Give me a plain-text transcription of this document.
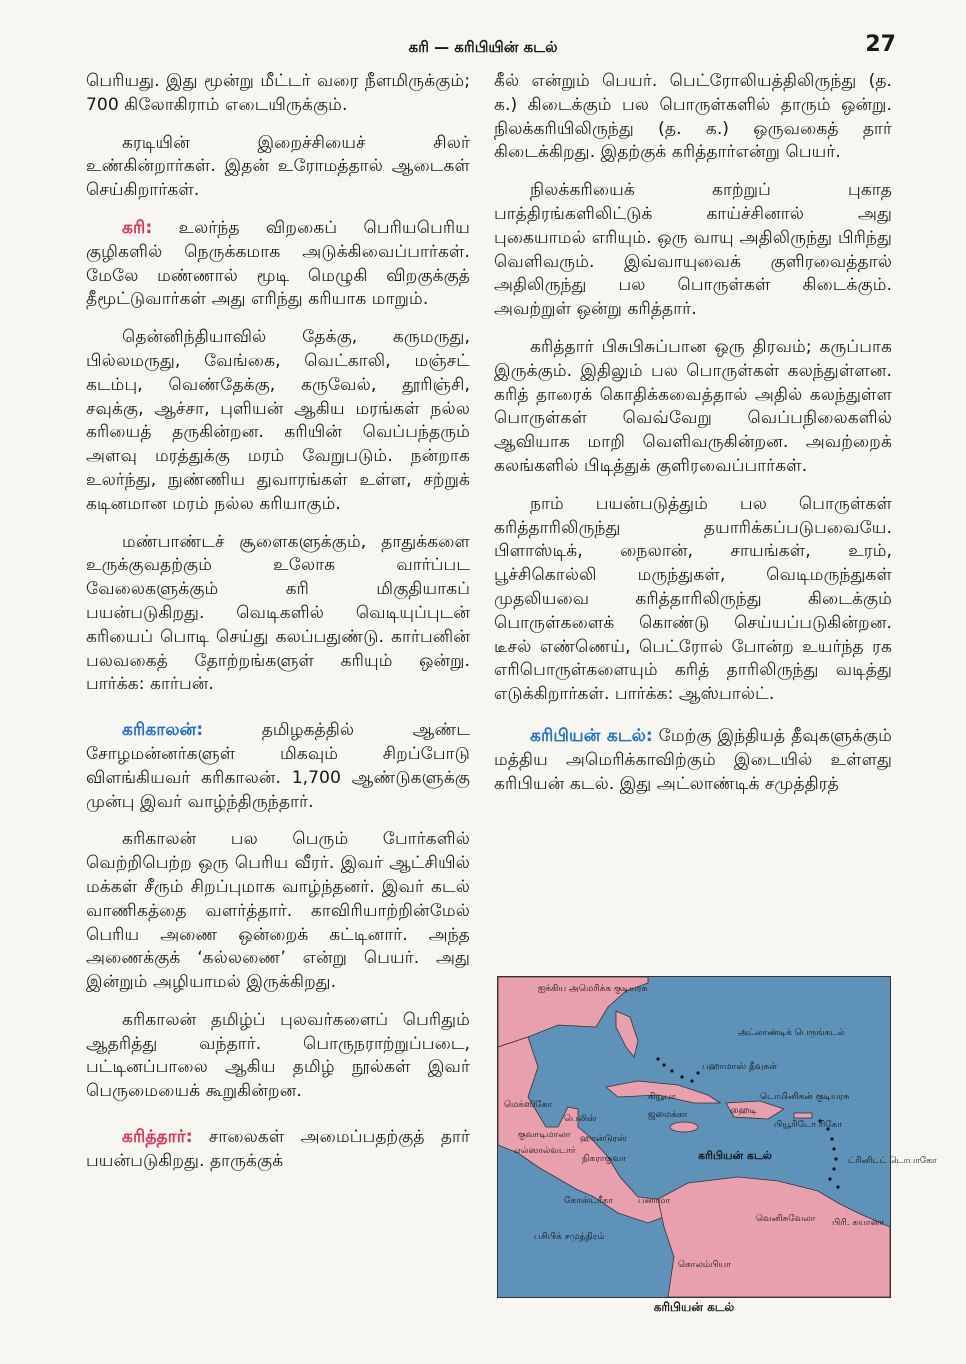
கரி — கரிபியின் கடல்	27

பெரியது. இது மூன்று மீட்டர் வரை நீளமிருக்கும்; 700 கிலோகிராம் எடையிருக்கும்.

கரடியின் இறைச்சியைச் சிலர் உண்கின்றார்கள். இதன் உரோமத்தால் ஆடைகள் செய்கிறார்கள்.

கரி: உலர்ந்த விறகைப் பெரியபெரிய குழிகளில் நெருக்கமாக அடுக்கிவைப்பார்கள். மேலே மண்ணால் மூடி மெழுகி விறகுக்குத் தீமூட்டுவார்கள் அது எரிந்து கரியாக மாறும்.

தென்னிந்தியாவில் தேக்கு, கருமருது, பில்லமருது, வேங்கை, வெட்காலி, மஞ்சட் கடம்பு, வெண்தேக்கு, கருவேல், தூரிஞ்சி, சவுக்கு, ஆச்சா, புளியன் ஆகிய மரங்கள் நல்ல கரியைத் தருகின்றன. கரியின் வெப்பந்தரும் அளவு மரத்துக்கு மரம் வேறுபடும். நன்றாக உலர்ந்து, நுண்ணிய துவாரங்கள் உள்ள, சற்றுக் கடினமான மரம் நல்ல கரியாகும்.

மண்பாண்டச் சூளைகளுக்கும், தாதுக்களை உருக்குவதற்கும் உலோக வார்ப்பட வேலைகளுக்கும் கரி மிகுதியாகப் பயன்படுகிறது. வெடிகளில் வெடியுப்புடன் கரியைப் பொடி செய்து கலப்பதுண்டு. கார்பனின் பலவகைத் தோற்றங்களுள் கரியும் ஒன்று. பார்க்க: கார்பன்.

கரிகாலன்:	தமிழகத்தில் ஆண்ட சோழமன்னர்களுள் மிகவும் சிறப்போடு விளங்கியவர் கரிகாலன். 1,700 ஆண்டுகளுக்கு முன்பு இவர் வாழ்ந்திருந்தார்.

கரிகாலன் பல பெரும் போர்களில் வெற்றிபெற்ற ஒரு பெரிய வீரர். இவர் ஆட்சியில் மக்கள் சீரும் சிறப்புமாக வாழ்ந்தனர். இவர் கடல் வாணிகத்தை வளர்த்தார். காவிரியாற்றின்மேல் பெரிய அணை ஒன்றைக் கட்டினார். அந்த அணைக்குக் ‘கல்லணை’ என்று பெயர். அது இன்றும் அழியாமல் இருக்கிறது.

கரிகாலன் தமிழ்ப் புலவர்களைப் பெரிதும் ஆதரித்து வந்தார். பொருநராற்றுப்படை, பட்டினப்பாலை ஆகிய தமிழ் நூல்கள் இவர் பெருமையைக் கூறுகின்றன.

கரித்தார்: சாலைகள் அமைப்பதற்குத் தார் பயன்படுகிறது. தாருக்குக்

கீல் என்றும் பெயர். பெட்ரோலியத்திலிருந்து (த. க.) கிடைக்கும் பல பொருள்களில் தாரும் ஒன்று. நிலக்கரியிலிருந்து (த. க.) ஒருவகைத் தார் கிடைக்கிறது. இதற்குக் கரித்தார்என்று பெயர்.

நிலக்கரியைக் காற்றுப் புகாத பாத்திரங்களிலிட்டுக் காய்ச்சினால் அது புகையாமல் எரியும். ஒரு வாயு அதிலிருந்து பிரிந்து வெளிவரும். இவ்வாயுவைக் குளிரவைத்தால் அதிலிருந்து பல பொருள்கள் கிடைக்கும். அவற்றுள் ஒன்று கரித்தார்.

கரித்தார் பிசுபிசுப்பான ஒரு திரவம்; கருப்பாக இருக்கும். இதிலும் பல பொருள்கள் கலந்துள்ளன. கரித் தாரைக் கொதிக்கவைத்தால் அதில் கலந்துள்ள பொருள்கள் வெவ்வேறு வெப்பநிலைகளில் ஆவியாக மாறி வெளிவருகின்றன. அவற்றைக் கலங்களில் பிடித்துக் குளிரவைப்பார்கள்.

நாம் பயன்படுத்தும் பல பொருள்கள் கரித்தாரிலிருந்து தயாரிக்கப்படுபவையே. பிளாஸ்டிக், நைலான், சாயங்கள், உரம், பூச்சிகொல்லி மருந்துகள், வெடிமருந்துகள் முதலியவை கரித்தாரிலிருந்து கிடைக்கும் பொருள்களைக் கொண்டு செய்யப்படுகின்றன. டீசல் எண்ணெய், பெட்ரோல் போன்ற உயர்ந்த ரக எரிபொருள்களையும் கரித் தாரிலிருந்து வடித்து எடுக்கிறார்கள். பார்க்க: ஆஸ்பால்ட்.

கரிபியன் கடல்: மேற்கு இந்தியத் தீவுகளுக்கும் மத்திய அமெரிக்காவிற்கும் இடையில் உள்ளது கரிபியன் கடல். இது அட்லாண்டிக் சமுத்திரத்

ஐக்கிய அமெரிக்க குடியரசு
அட்லாண்டிக் பெருங்கடல்
பஹாமாஸ் தீவுகள்
கியூபா
ஹைடி
டொமினிகன் குடியரசு
பியூரிடோ ரிகோ
ஜமைக்கா
மெக்ஸிகோ
பெலிஸ்
குவாடிமாலா ஹான்டுரஸ்
எல்ஸால்வடார்
நிகராகுவா	கரிபியன் கடல்	ட்ரினிடட் டொபாகோ
கோஸ்டரீகா	பனாமா
வெனிசுவேலா பிரி. கயானா
பசிபிக் சமுத்திரம்
கொலம்பியா
கரிபியன் கடல்
